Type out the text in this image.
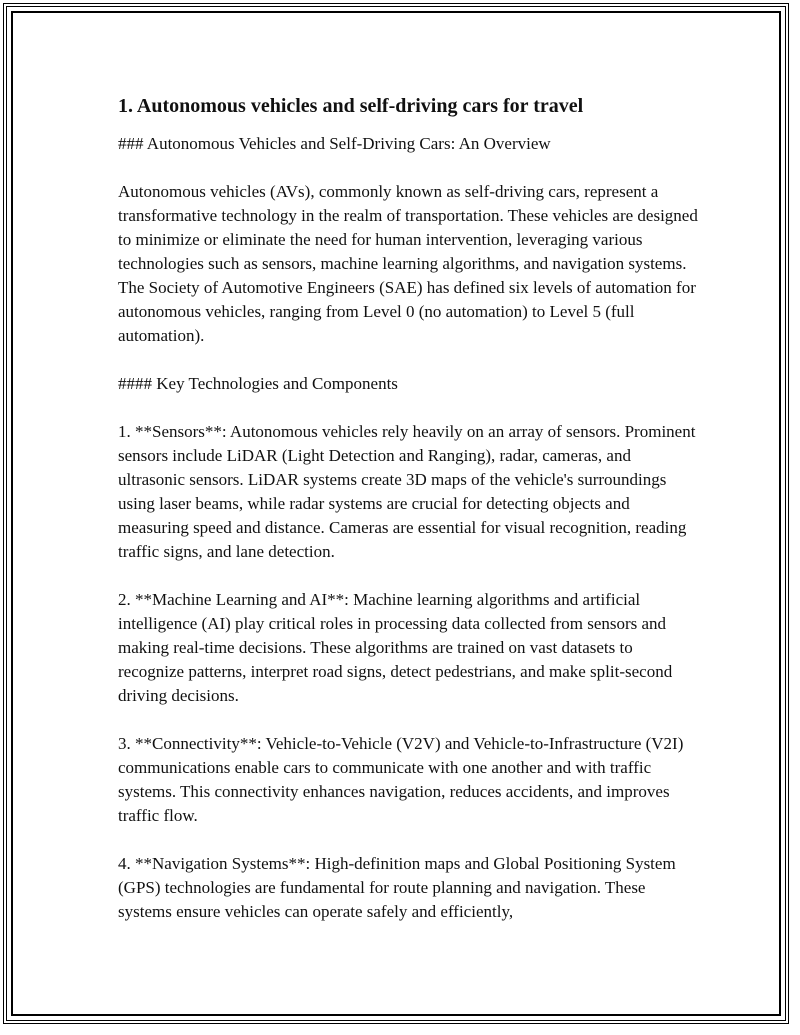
1. Autonomous vehicles and self-driving cars for travel

### Autonomous Vehicles and Self-Driving Cars: An Overview

Autonomous vehicles (AVs), commonly known as self-driving cars, represent a transformative technology in the realm of transportation. These vehicles are designed to minimize or eliminate the need for human intervention, leveraging various technologies such as sensors, machine learning algorithms, and navigation systems. The Society of Automotive Engineers (SAE) has defined six levels of automation for autonomous vehicles, ranging from Level 0 (no automation) to Level 5 (full automation).

#### Key Technologies and Components

1. **Sensors**: Autonomous vehicles rely heavily on an array of sensors. Prominent sensors include LiDAR (Light Detection and Ranging), radar, cameras, and ultrasonic sensors. LiDAR systems create 3D maps of the vehicle's surroundings using laser beams, while radar systems are crucial for detecting objects and measuring speed and distance. Cameras are essential for visual recognition, reading traffic signs, and lane detection.

2. **Machine Learning and AI**: Machine learning algorithms and artificial intelligence (AI) play critical roles in processing data collected from sensors and making real-time decisions. These algorithms are trained on vast datasets to recognize patterns, interpret road signs, detect pedestrians, and make split-second driving decisions.

3. **Connectivity**: Vehicle-to-Vehicle (V2V) and Vehicle-to-Infrastructure (V2I) communications enable cars to communicate with one another and with traffic systems. This connectivity enhances navigation, reduces accidents, and improves traffic flow.

4. **Navigation Systems**: High-definition maps and Global Positioning System (GPS) technologies are fundamental for route planning and navigation. These systems ensure vehicles can operate safely and efficiently,
